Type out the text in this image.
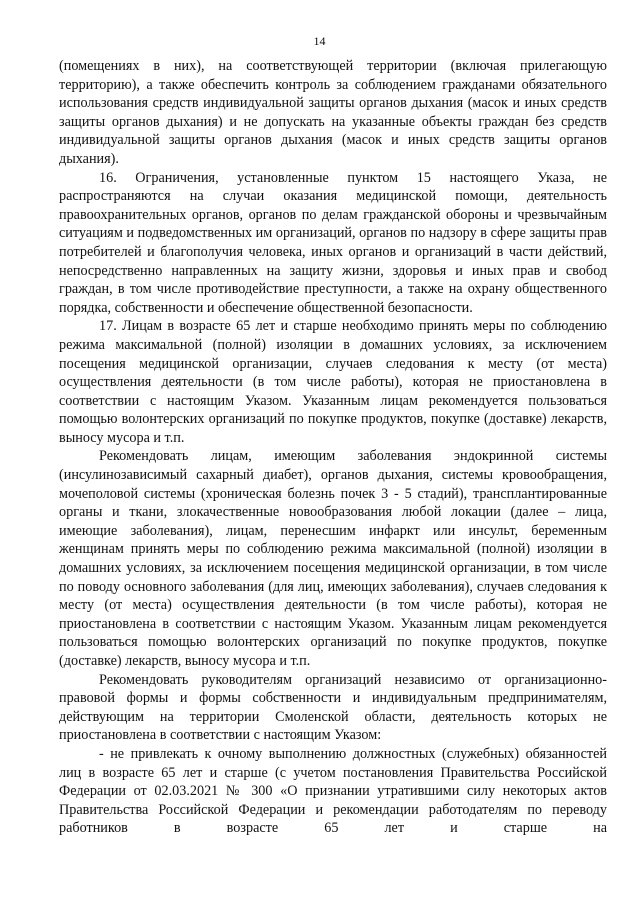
14

(помещениях в них), на соответствующей территории (включая прилегающую территорию), а также обеспечить контроль за соблюдением гражданами обязательного использования средств индивидуальной защиты органов дыхания (масок и иных средств защиты органов дыхания) и не допускать на указанные объекты граждан без средств индивидуальной защиты органов дыхания (масок и иных средств защиты органов дыхания).

16. Ограничения, установленные пунктом 15 настоящего Указа, не распространяются на случаи оказания медицинской помощи, деятельность правоохранительных органов, органов по делам гражданской обороны и чрезвычайным ситуациям и подведомственных им организаций, органов по надзору в сфере защиты прав потребителей и благополучия человека, иных органов и организаций в части действий, непосредственно направленных на защиту жизни, здоровья и иных прав и свобод граждан, в том числе противодействие преступности, а также на охрану общественного порядка, собственности и обеспечение общественной безопасности.

17. Лицам в возрасте 65 лет и старше необходимо принять меры по соблюдению режима максимальной (полной) изоляции в домашних условиях, за исключением посещения медицинской организации, случаев следования к месту (от места) осуществления деятельности (в том числе работы), которая не приостановлена в соответствии с настоящим Указом. Указанным лицам рекомендуется пользоваться помощью волонтерских организаций по покупке продуктов, покупке (доставке) лекарств, выносу мусора и т.п.

Рекомендовать лицам, имеющим заболевания эндокринной системы (инсулинозависимый сахарный диабет), органов дыхания, системы кровообращения, мочеполовой системы (хроническая болезнь почек 3 - 5 стадий), трансплантированные органы и ткани, злокачественные новообразования любой локации (далее – лица, имеющие заболевания), лицам, перенесшим инфаркт или инсульт, беременным женщинам принять меры по соблюдению режима максимальной (полной) изоляции в домашних условиях, за исключением посещения медицинской организации, в том числе по поводу основного заболевания (для лиц, имеющих заболевания), случаев следования к месту (от места) осуществления деятельности (в том числе работы), которая не приостановлена в соответствии с настоящим Указом. Указанным лицам рекомендуется пользоваться помощью волонтерских организаций по покупке продуктов, покупке (доставке) лекарств, выносу мусора и т.п.

Рекомендовать руководителям организаций независимо от организационно-правовой формы и формы собственности и индивидуальным предпринимателям, действующим на территории Смоленской области, деятельность которых не приостановлена в соответствии с настоящим Указом:

- не привлекать к очному выполнению должностных (служебных) обязанностей лиц в возрасте 65 лет и старше (с учетом постановления Правительства Российской Федерации от 02.03.2021 № 300 «О признании утратившими силу некоторых актов Правительства Российской Федерации и рекомендации работодателям по переводу работников в возрасте 65 лет и старше на
